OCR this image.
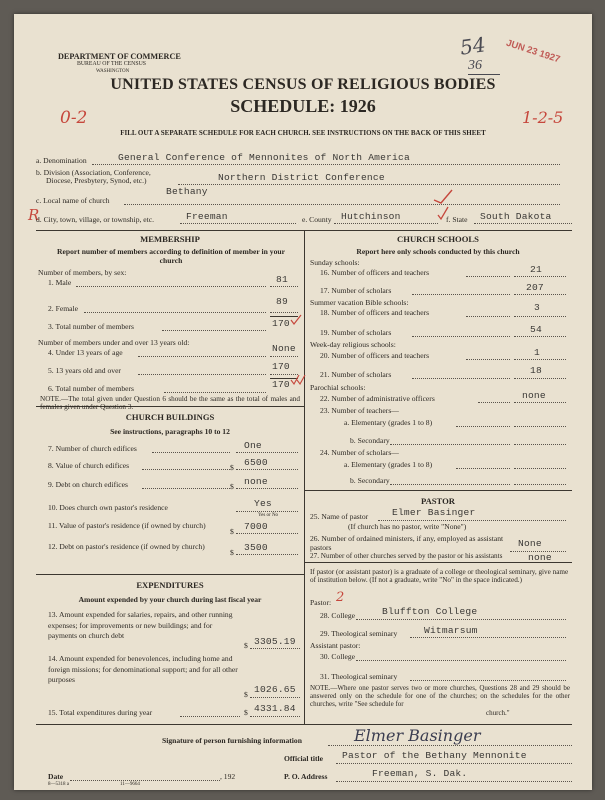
DEPARTMENT OF COMMERCE
BUREAU OF THE CENSUS
WASHINGTON
54
36
JUN 23 1927
UNITED STATES CENSUS OF RELIGIOUS BODIES
SCHEDULE: 1926
0-2	1-2-5
FILL OUT A SEPARATE SCHEDULE FOR EACH CHURCH. SEE INSTRUCTIONS ON THE BACK OF THIS SHEET
a. Denomination	General Conference of Mennonites of North America
b. Division (Association, Conference,
Diocese, Presbytery, Synod, etc.)	Northern District Conference
c. Local name of church
Bethany
R
d. City, town, village, or township, etc.	Freeman	e. County Hutchinson	f. State South Dakota
MEMBERSHIP
Report number of members according to definition of member in your church
Number of members, by sex:
1. Male	81
2. Female
89
3. Total number of members	170
Number of members under and over 13 years old:
4. Under 13 years of age	None
5. 13 years old and over	170
6. Total number of members	170
NOTE.—The total given under Question 6 should be the same as the total of males and females given under Question 3.
CHURCH BUILDINGS
See instructions, paragraphs 10 to 12
7. Number of church edifices	One
8. Value of church edifices	$ 6500
9. Debt on church edifices	$ none
10. Does church own pastor's residence	Yes
Yes or No
11. Value of pastor's residence (if owned by church)
$ 7000
12. Debt on pastor's residence (if owned by church)
$ 3500
EXPENDITURES
Amount expended by your church during last fiscal year
13. Amount expended for salaries, repairs, and other running expenses; for improvements or new buildings; and for payments on church debt
$ 3305.19
14. Amount expended for benevolences, including home and foreign missions; for denominational support; and for all other purposes
$ 1026.65
15. Total expenditures during year	$ 4331.84
CHURCH SCHOOLS
Report here only schools conducted by this church
Sunday schools:
16. Number of officers and teachers	21
17. Number of scholars	207
Summer vacation Bible schools:
18. Number of officers and teachers	3
19. Number of scholars	54
Week-day religious schools:
20. Number of officers and teachers	1
21. Number of scholars	18
Parochial schools:
22. Number of administrative officers	none
23. Number of teachers—
a. Elementary (grades 1 to 8)
b. Secondary
24. Number of scholars—
a. Elementary (grades 1 to 8)
b. Secondary
PASTOR
25. Name of pastor Elmer Basinger
(If church has no pastor, write "None")
26. Number of ordained ministers, if any, employed as assistant pastors	None
27. Number of other churches served by the pastor or his assistants	none
If pastor (or assistant pastor) is a graduate of a college or theological seminary, give name of institution below. (If not a graduate, write "No" in the space indicated.)
Pastor: 2
28. College	Bluffton College
29. Theological seminary	Witmarsum
Assistant pastor:
30. College
31. Theological seminary
NOTE.—Where one pastor serves two or more churches, Questions 28 and 29 should be answered only on the schedule for one of the churches; on the schedules for the other churches, write "See schedule for
church."
Signature of person furnishing information	Elmer Basinger
Official title Pastor of the Bethany Mennonite
Date	, 192	P. O. Address	Freeman, S. Dak.
8—5318 a	11—9664
